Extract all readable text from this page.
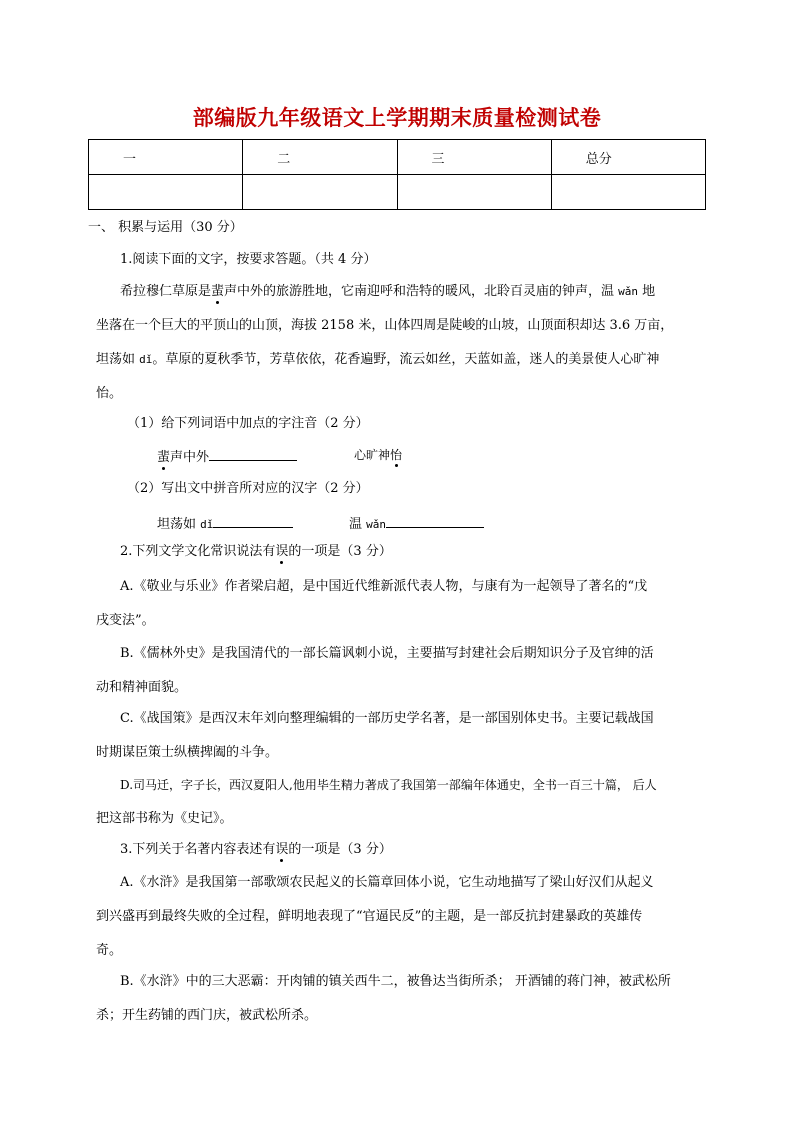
部编版九年级语文上学期期末质量检测试卷
一	二	三	总分

一、 积累与运用（30 分）
1.阅读下面的文字，按要求答题。（共 4 分）
希拉穆仁草原是蜚声中外的旅游胜地，它南迎呼和浩特的暖风，北聆百灵庙的钟声，温 wǎn 地
坐落在一个巨大的平顶山的山顶，海拔 2158 米，山体四周是陡峻的山坡，山顶面积却达 3.6 万亩，
坦荡如 dǐ。草原的夏秋季节，芳草依依，花香遍野，流云如丝，天蓝如盖，迷人的美景使人心旷神
怡。
（1）给下列词语中加点的字注音（2 分）
蜚声中外	心旷神怡
（2）写出文中拼音所对应的汉字（2 分）
坦荡如 dǐ	温 wǎn
2.下列文学文化常识说法有误的一项是（3 分）
A.《敬业与乐业》作者梁启超，是中国近代维新派代表人物，与康有为一起领导了著名的“戊
戌变法”。
B.《儒林外史》是我国清代的一部长篇讽刺小说，主要描写封建社会后期知识分子及官绅的活
动和精神面貌。
C.《战国策》是西汉末年刘向整理编辑的一部历史学名著，是一部国别体史书。主要记载战国
时期谋臣策士纵横捭阖的斗争。
D.司马迁，字子长，西汉夏阳人,他用毕生精力著成了我国第一部编年体通史，全书一百三十篇， 后人
把这部书称为《史记》。
3.下列关于名著内容表述有误的一项是（3 分）
A.《水浒》是我国第一部歌颂农民起义的长篇章回体小说，它生动地描写了梁山好汉们从起义
到兴盛再到最终失败的全过程，鲜明地表现了“官逼民反”的主题，是一部反抗封建暴政的英雄传
奇。
B.《水浒》中的三大恶霸：开肉铺的镇关西牛二，被鲁达当街所杀； 开酒铺的蒋门神，被武松所
杀；开生药铺的西门庆，被武松所杀。
